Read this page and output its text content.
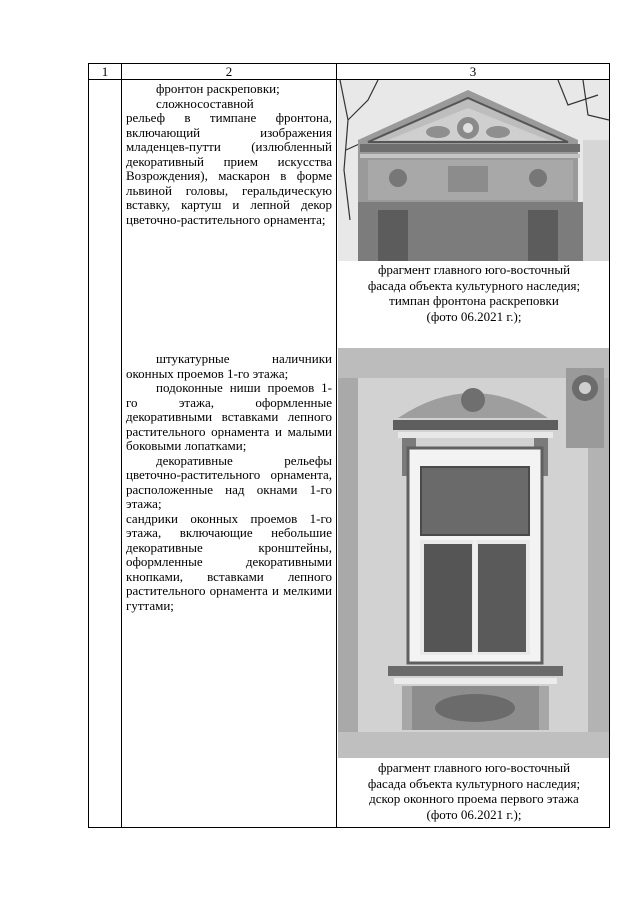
1	2	3

фронтон раскреповки;

сложносоставной

рельеф в тимпане фронтона, включающий изображения младенцев-путти (излюбленный декоративный прием искусства Возрождения), маскарон в форме львиной головы, геральдическую вставку, картуш и лепной декор цветочно-растительного орнамента;

фрагмент главного юго-восточный
фасада объекта культурного наследия;
тимпан фронтона раскреповки
(фото 06.2021 г.);

штукатурные наличники оконных проемов 1-го этажа;

подоконные ниши проемов 1-го этажа, оформленные декоративными вставками лепного растительного орнамента и малыми боковыми лопатками;

декоративные рельефы цветочно-растительного орнамента, расположенные над окнами 1-го этажа;

сандрики оконных проемов 1-го этажа, включающие небольшие декоративные кронштейны, оформленные декоративными кнопками, вставками лепного растительного орнамента и мелкими гуттами;

фрагмент главного юго-восточный
фасада объекта культурного наследия;
дскор оконного проема первого этажа
(фото 06.2021 г.);
